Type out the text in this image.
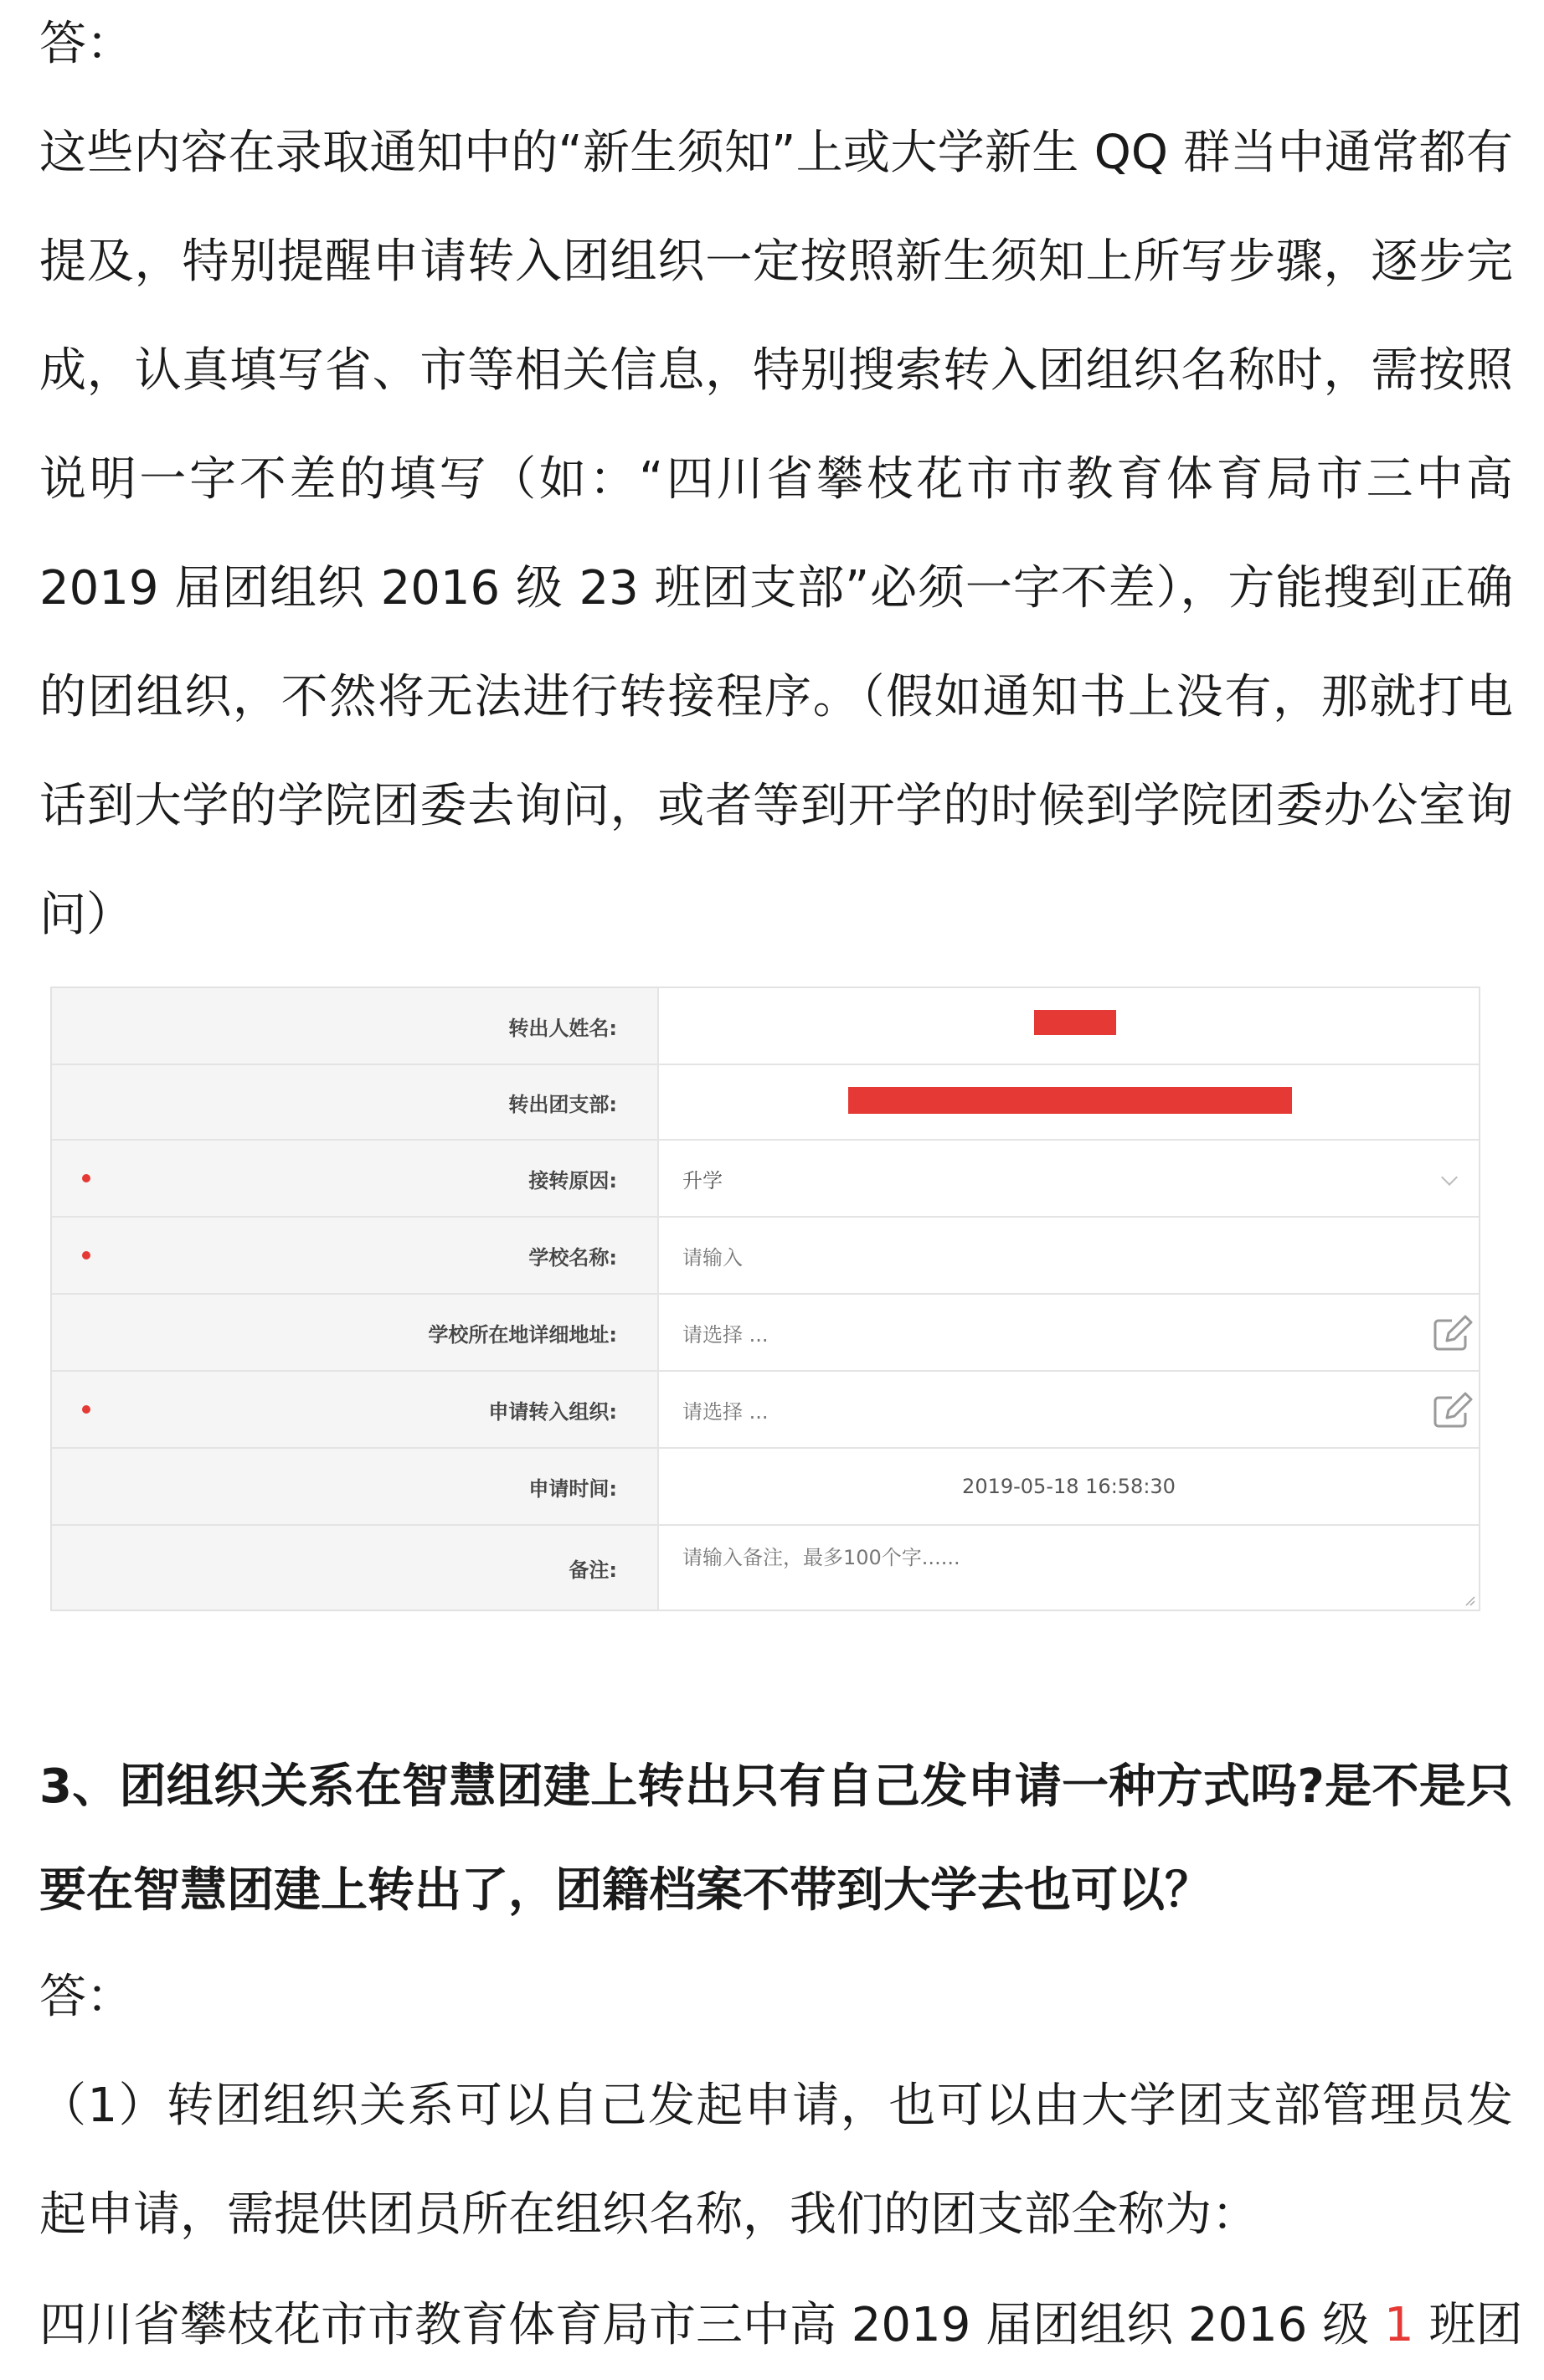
答：

这些内容在录取通知中的“新生须知”上或大学新生 QQ 群当中通常都有提及，特别提醒申请转入团组织一定按照新生须知上所写步骤，逐步完成，认真填写省、市等相关信息，特别搜索转入团组织名称时，需按照说明一字不差的填写（如：“四川省攀枝花市市教育体育局市三中高 2019 届团组织 2016 级 23 班团支部”必须一字不差），方能搜到正确的团组织，不然将无法进行转接程序。（假如通知书上没有，那就打电话到大学的学院团委去询问，或者等到开学的时候到学院团委办公室询问）

转出人姓名:
转出团支部:
接转原因:	升学
学校名称:	请输入
学校所在地详细地址:	请选择 ...
申请转入组织:	请选择 ...
申请时间:	2019-05-18 16:58:30
备注:
请输入备注，最多100个字......

3、团组织关系在智慧团建上转出只有自己发申请一种方式吗?是不是只要在智慧团建上转出了，团籍档案不带到大学去也可以？

答：

（1）转团组织关系可以自己发起申请，也可以由大学团支部管理员发起申请，需提供团员所在组织名称，我们的团支部全称为：

四川省攀枝花市市教育体育局市三中高 2019 届团组织 2016 级 1 班团
